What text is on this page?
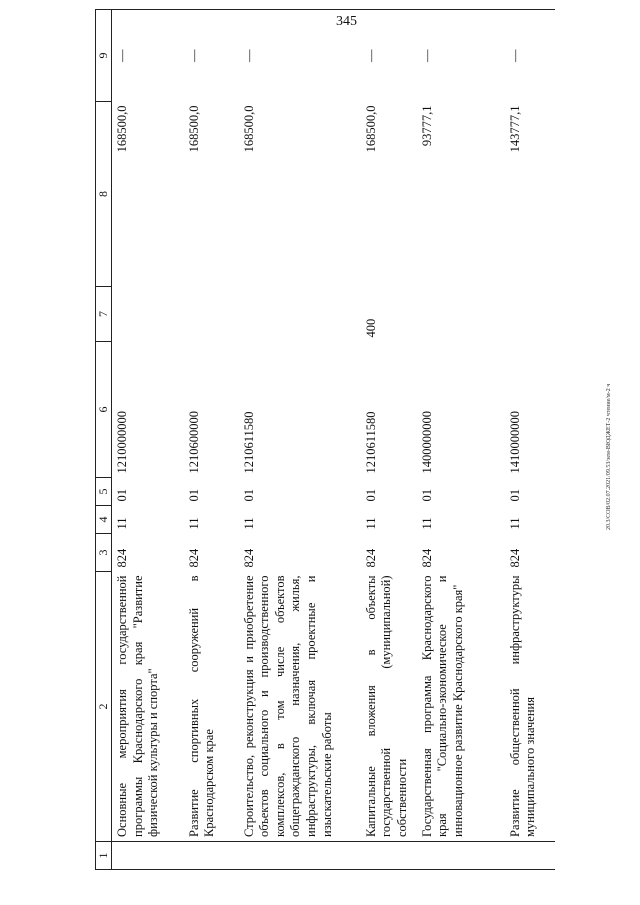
345
20.3/СОВ/02.07.2021/09.53/зем-ВЮДЖЕТ-2 чтение/м-2 ч
1	2	3	4	5	6	7	8	9
	Основные мероприятия государственной программы Краснодарского края "Развитие физической культуры и спорта"	824	11	01	1210000000		168500,0	—
	Развитие спортивных сооружений в Краснодарском крае	824	11	01	1210600000		168500,0	—
	Строительство, реконструкция и приобретение объектов социального и производственного комплексов, в том числе объектов общегражданского назначения, жилья, инфраструктуры, включая проектные и изыскательские работы	824	11	01	1210611580		168500,0	—
	Капитальные вложения в объекты государственной (муниципальной) собственности	824	11	01	1210611580	400	168500,0	—
	Государственная программа Краснодарского края "Социально-экономическое и инновационное развитие Краснодарского края"	824	11	01	1400000000		93777,1	—
	Развитие общественной инфраструктуры муниципального значения	824	11	01	1410000000		143777,1	—
